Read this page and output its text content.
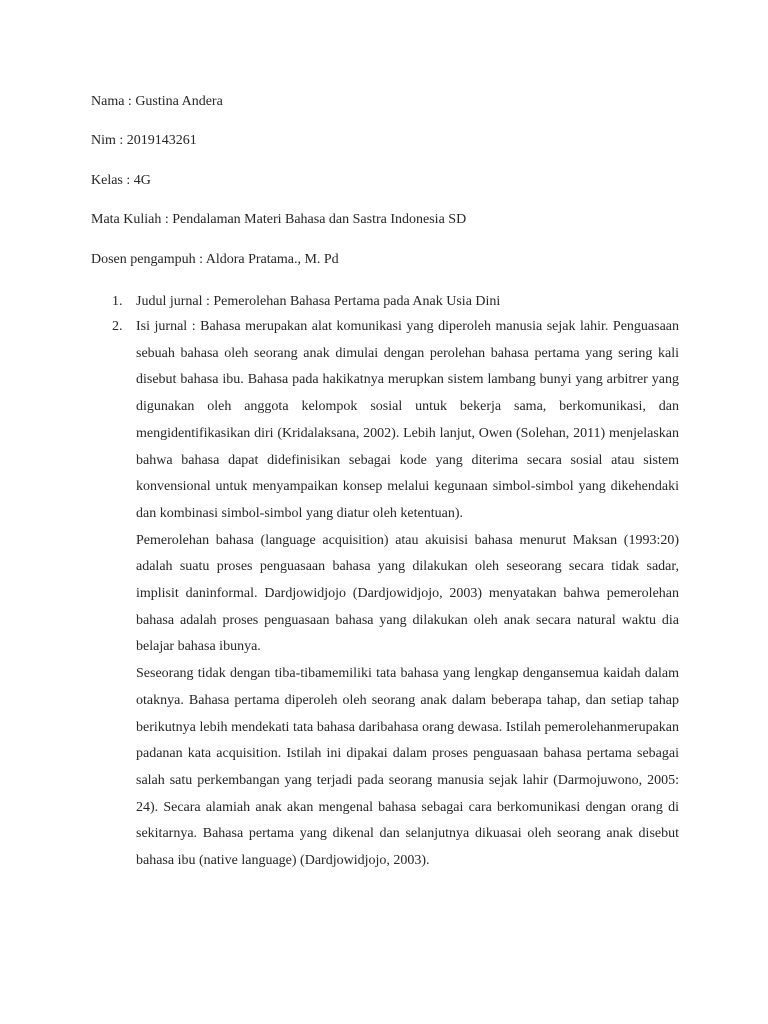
Nama : Gustina Andera

Nim : 2019143261

Kelas : 4G

Mata Kuliah : Pendalaman Materi Bahasa dan Sastra Indonesia SD

Dosen pengampuh : Aldora Pratama., M. Pd

1. Judul jurnal : Pemerolehan Bahasa Pertama pada Anak Usia Dini

2. Isi jurnal : Bahasa merupakan alat komunikasi yang diperoleh manusia sejak lahir. Penguasaan sebuah bahasa oleh seorang anak dimulai dengan perolehan bahasa pertama yang sering kali disebut bahasa ibu. Bahasa pada hakikatnya merupkan sistem lambang bunyi yang arbitrer yang digunakan oleh anggota kelompok sosial untuk bekerja sama, berkomunikasi, dan mengidentifikasikan diri (Kridalaksana, 2002). Lebih lanjut, Owen (Solehan, 2011) menjelaskan bahwa bahasa dapat didefinisikan sebagai kode yang diterima secara sosial atau sistem konvensional untuk menyampaikan konsep melalui kegunaan simbol-simbol yang dikehendaki dan kombinasi simbol-simbol yang diatur oleh ketentuan).

Pemerolehan bahasa (language acquisition) atau akuisisi bahasa menurut Maksan (1993:20) adalah suatu proses penguasaan bahasa yang dilakukan oleh seseorang secara tidak sadar, implisit daninformal. Dardjowidjojo (Dardjowidjojo, 2003) menyatakan bahwa pemerolehan bahasa adalah proses penguasaan bahasa yang dilakukan oleh anak secara natural waktu dia belajar bahasa ibunya.

Seseorang tidak dengan tiba-tibamemiliki tata bahasa yang lengkap dengansemua kaidah dalam otaknya. Bahasa pertama diperoleh oleh seorang anak dalam beberapa tahap, dan setiap tahap berikutnya lebih mendekati tata bahasa daribahasa orang dewasa. Istilah pemerolehanmerupakan padanan kata acquisition. Istilah ini dipakai dalam proses penguasaan bahasa pertama sebagai salah satu perkembangan yang terjadi pada seorang manusia sejak lahir (Darmojuwono, 2005: 24). Secara alamiah anak akan mengenal bahasa sebagai cara berkomunikasi dengan orang di sekitarnya. Bahasa pertama yang dikenal dan selanjutnya dikuasai oleh seorang anak disebut bahasa ibu (native language) (Dardjowidjojo, 2003).
